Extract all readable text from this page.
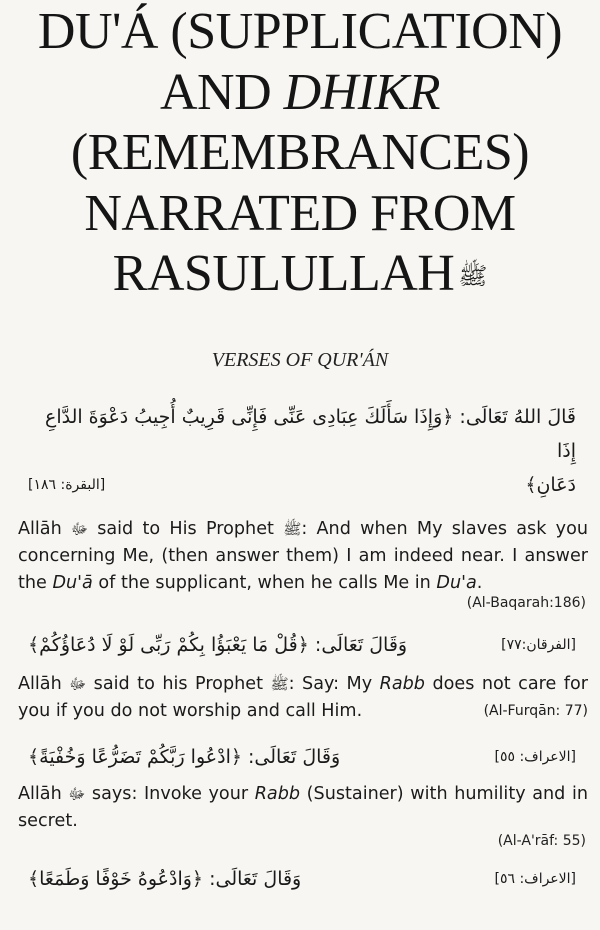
DU'Á (SUPPLICATION)
AND DHIKR
(REMEMBRANCES)
NARRATED FROM
RASULULLAH ﷺ
VERSES OF QUR'ÁN
قَالَ اللهُ تَعَالَى: ﴿وَإِذَا سَأَلَكَ عِبَادِى عَنِّى فَإِنِّى قَرِيبٌ أُجِيبُ دَعْوَةَ الدَّاعِ إِذَا
دَعَانِ﴾
[البقرة: ١٨٦]

Allāh ﷻ said to His Prophet ﷺ: And when My slaves ask you concerning Me, (then answer them) I am indeed near. I answer the Du'ā of the supplicant, when he calls Me in Du'a.

(Al-Baqarah:186)
وَقَالَ تَعَالَى: ﴿قُلْ مَا يَعْبَؤُا بِكُمْ رَبِّى لَوْ لَا دُعَاؤُكُمْ﴾	[الفرقان:٧٧]

Allāh ﷻ said to his Prophet ﷺ: Say: My Rabb does not care for you if you do not worship and call Him.	(Al-Furqān: 77)

وَقَالَ تَعَالَى: ﴿ادْعُوا رَبَّكُمْ تَضَرُّعًا وَخُفْيَةً﴾	[الاعراف: ٥٥]

Allāh ﷻ says: Invoke your Rabb (Sustainer) with humility and in secret.

(Al-A'rāf: 55)
وَقَالَ تَعَالَى: ﴿وَادْعُوهُ خَوْفًا وَطَمَعًا﴾	[الاعراف: ٥٦]
